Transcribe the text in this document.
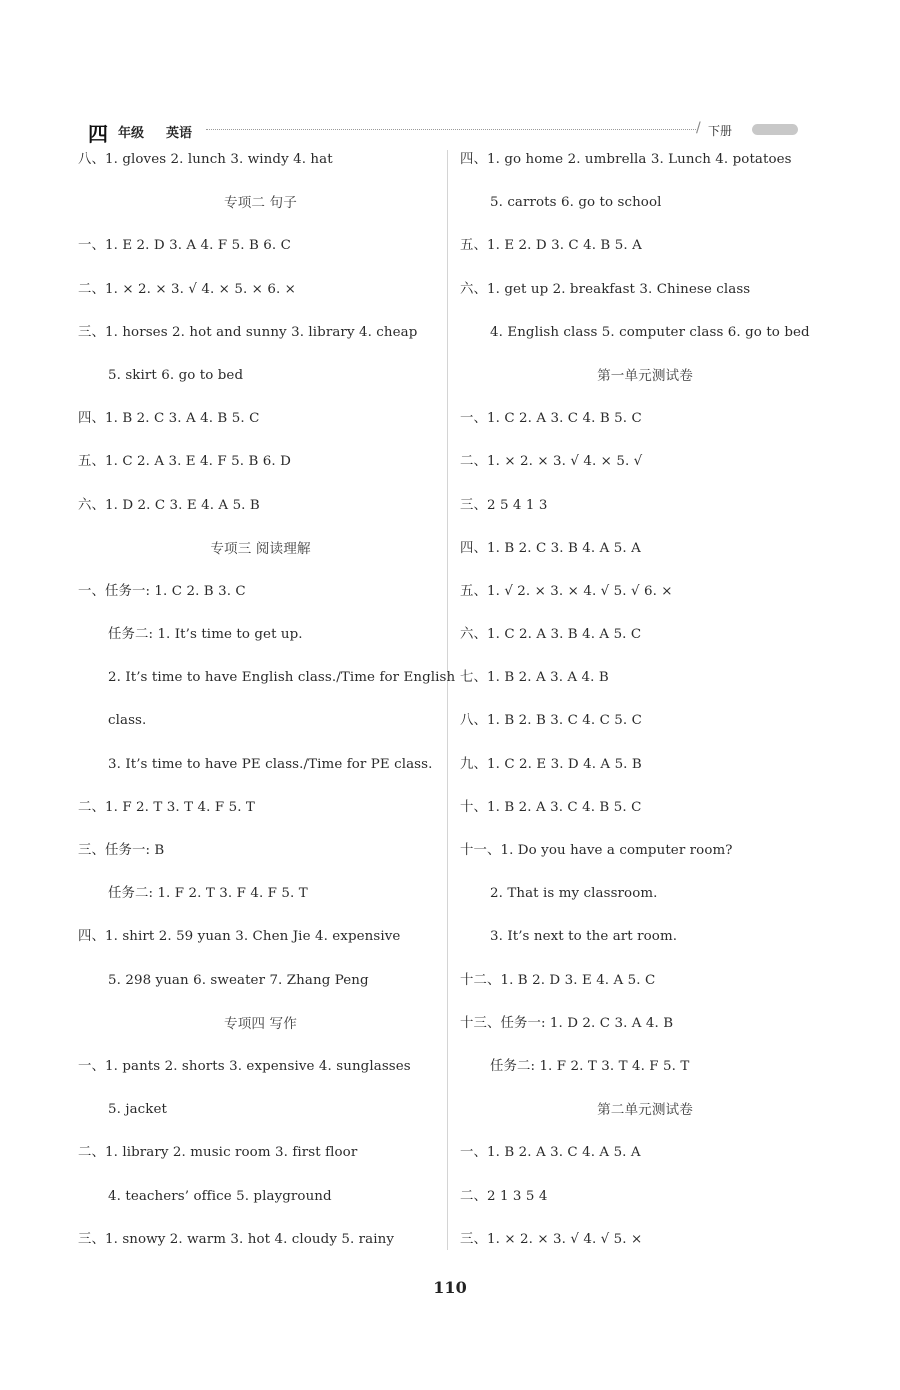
四 年级 英语	/ 下册
八、1. gloves 2. lunch 3. windy 4. hat
专项二 句子
一、1. E 2. D 3. A 4. F 5. B 6. C
二、1. × 2. × 3. √ 4. × 5. × 6. ×
三、1. horses 2. hot and sunny 3. library 4. cheap
5. skirt 6. go to bed
四、1. B 2. C 3. A 4. B 5. C
五、1. C 2. A 3. E 4. F 5. B 6. D
六、1. D 2. C 3. E 4. A 5. B
专项三 阅读理解
一、任务一: 1. C 2. B 3. C
任务二: 1. It’s time to get up.
2. It’s time to have English class./Time for English
class.
3. It’s time to have PE class./Time for PE class.
二、1. F 2. T 3. T 4. F 5. T
三、任务一: B
任务二: 1. F 2. T 3. F 4. F 5. T
四、1. shirt 2. 59 yuan 3. Chen Jie 4. expensive
5. 298 yuan 6. sweater 7. Zhang Peng
专项四 写作
一、1. pants 2. shorts 3. expensive 4. sunglasses
5. jacket
二、1. library 2. music room 3. first floor
4. teachers’ office 5. playground
三、1. snowy 2. warm 3. hot 4. cloudy 5. rainy
四、1. go home 2. umbrella 3. Lunch 4. potatoes
5. carrots 6. go to school
五、1. E 2. D 3. C 4. B 5. A
六、1. get up 2. breakfast 3. Chinese class
4. English class 5. computer class 6. go to bed
第一单元测试卷
一、1. C 2. A 3. C 4. B 5. C
二、1. × 2. × 3. √ 4. × 5. √
三、2 5 4 1 3
四、1. B 2. C 3. B 4. A 5. A
五、1. √ 2. × 3. × 4. √ 5. √ 6. ×
六、1. C 2. A 3. B 4. A 5. C
七、1. B 2. A 3. A 4. B
八、1. B 2. B 3. C 4. C 5. C
九、1. C 2. E 3. D 4. A 5. B
十、1. B 2. A 3. C 4. B 5. C
十一、1. Do you have a computer room?
2. That is my classroom.
3. It’s next to the art room.
十二、1. B 2. D 3. E 4. A 5. C
十三、任务一: 1. D 2. C 3. A 4. B
任务二: 1. F 2. T 3. T 4. F 5. T
第二单元测试卷
一、1. B 2. A 3. C 4. A 5. A
二、2 1 3 5 4
三、1. × 2. × 3. √ 4. √ 5. ×
110
